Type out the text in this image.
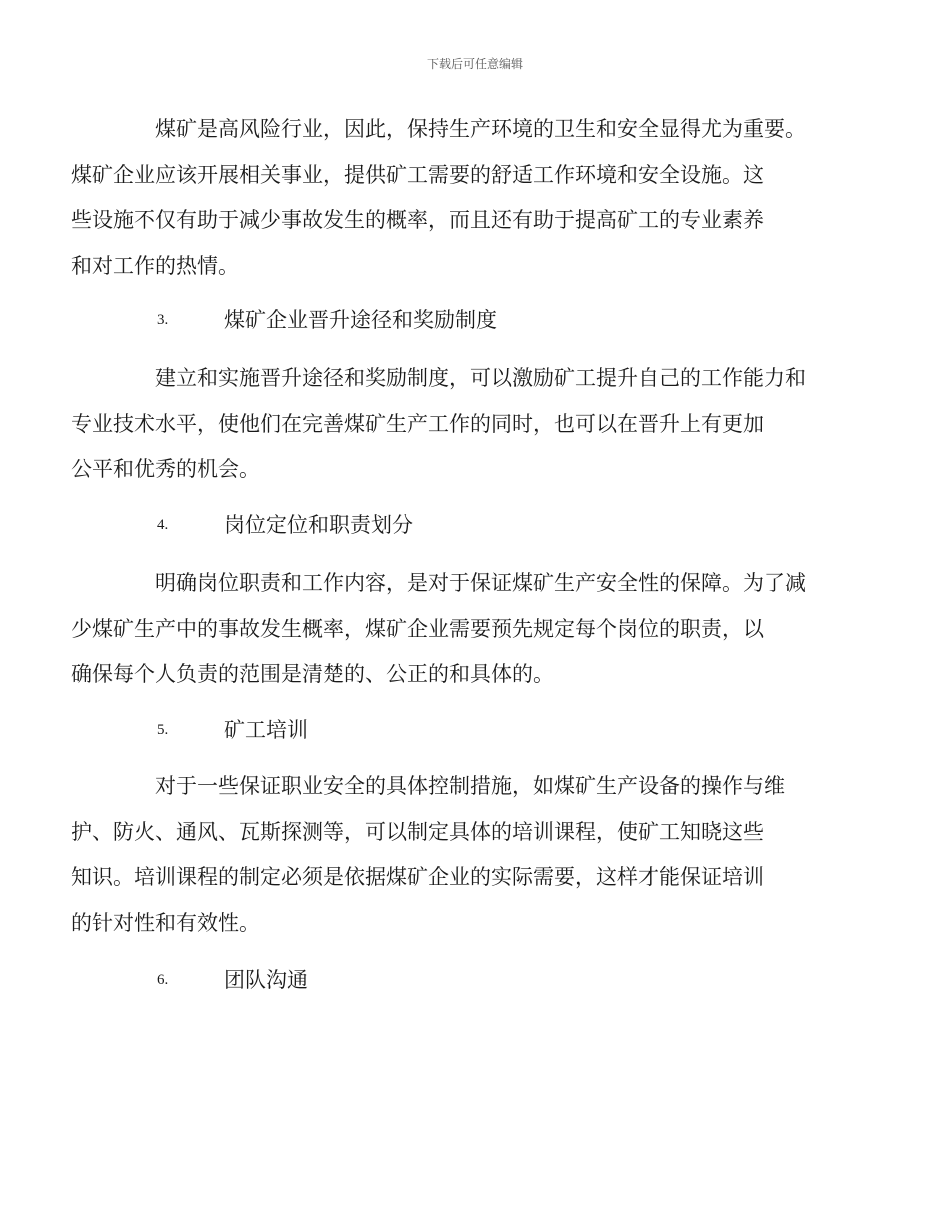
下载后可任意编辑
煤矿是高风险行业，因此，保持生产环境的卫生和安全显得尤为重要。
煤矿企业应该开展相关事业，提供矿工需要的舒适工作环境和安全设施。这
些设施不仅有助于减少事故发生的概率，而且还有助于提高矿工的专业素养
和对工作的热情。
3.	煤矿企业晋升途径和奖励制度
建立和实施晋升途径和奖励制度，可以激励矿工提升自己的工作能力和
专业技术水平，使他们在完善煤矿生产工作的同时，也可以在晋升上有更加
公平和优秀的机会。
4.	岗位定位和职责划分
明确岗位职责和工作内容，是对于保证煤矿生产安全性的保障。为了减
少煤矿生产中的事故发生概率，煤矿企业需要预先规定每个岗位的职责，以
确保每个人负责的范围是清楚的、公正的和具体的。
5.	矿工培训
对于一些保证职业安全的具体控制措施，如煤矿生产设备的操作与维
护、防火、通风、瓦斯探测等，可以制定具体的培训课程，使矿工知晓这些
知识。培训课程的制定必须是依据煤矿企业的实际需要，这样才能保证培训
的针对性和有效性。
6.	团队沟通
